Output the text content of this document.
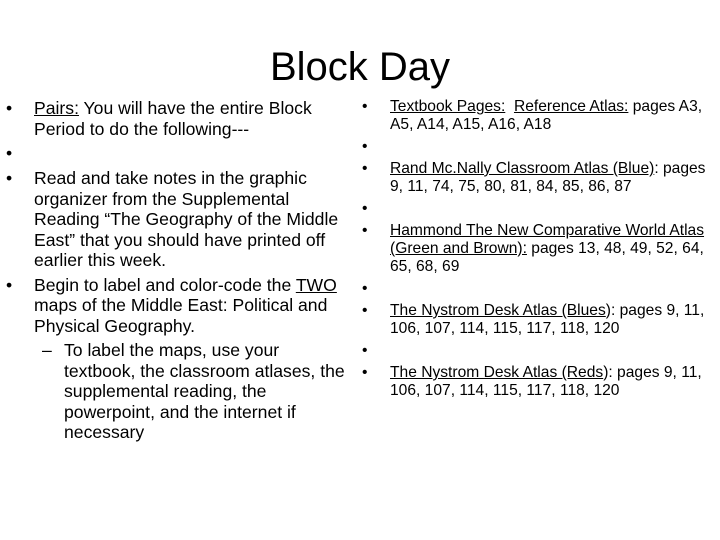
Block Day
•	Pairs: You will have the entire Block Period to do the following---
•
•	Read and take notes in the graphic organizer from the Supplemental Reading “The Geography of the Middle East” that you should have printed off earlier this week.
•	Begin to label and color-code the TWO maps of the Middle East: Political and Physical Geography.
– To label the maps, use your textbook, the classroom atlases, the supplemental reading, the powerpoint, and the internet if necessary
•	Textbook Pages: Reference Atlas: pages A3, A5, A14, A15, A16, A18
•
•	Rand Mc.Nally Classroom Atlas (Blue): pages 9, 11, 74, 75, 80, 81, 84, 85, 86, 87
•
•	Hammond The New Comparative World Atlas (Green and Brown): pages 13, 48, 49, 52, 64, 65, 68, 69
•
•	The Nystrom Desk Atlas (Blues): pages 9, 11, 106, 107, 114, 115, 117, 118, 120
•
•	The Nystrom Desk Atlas (Reds): pages 9, 11, 106, 107, 114, 115, 117, 118, 120
